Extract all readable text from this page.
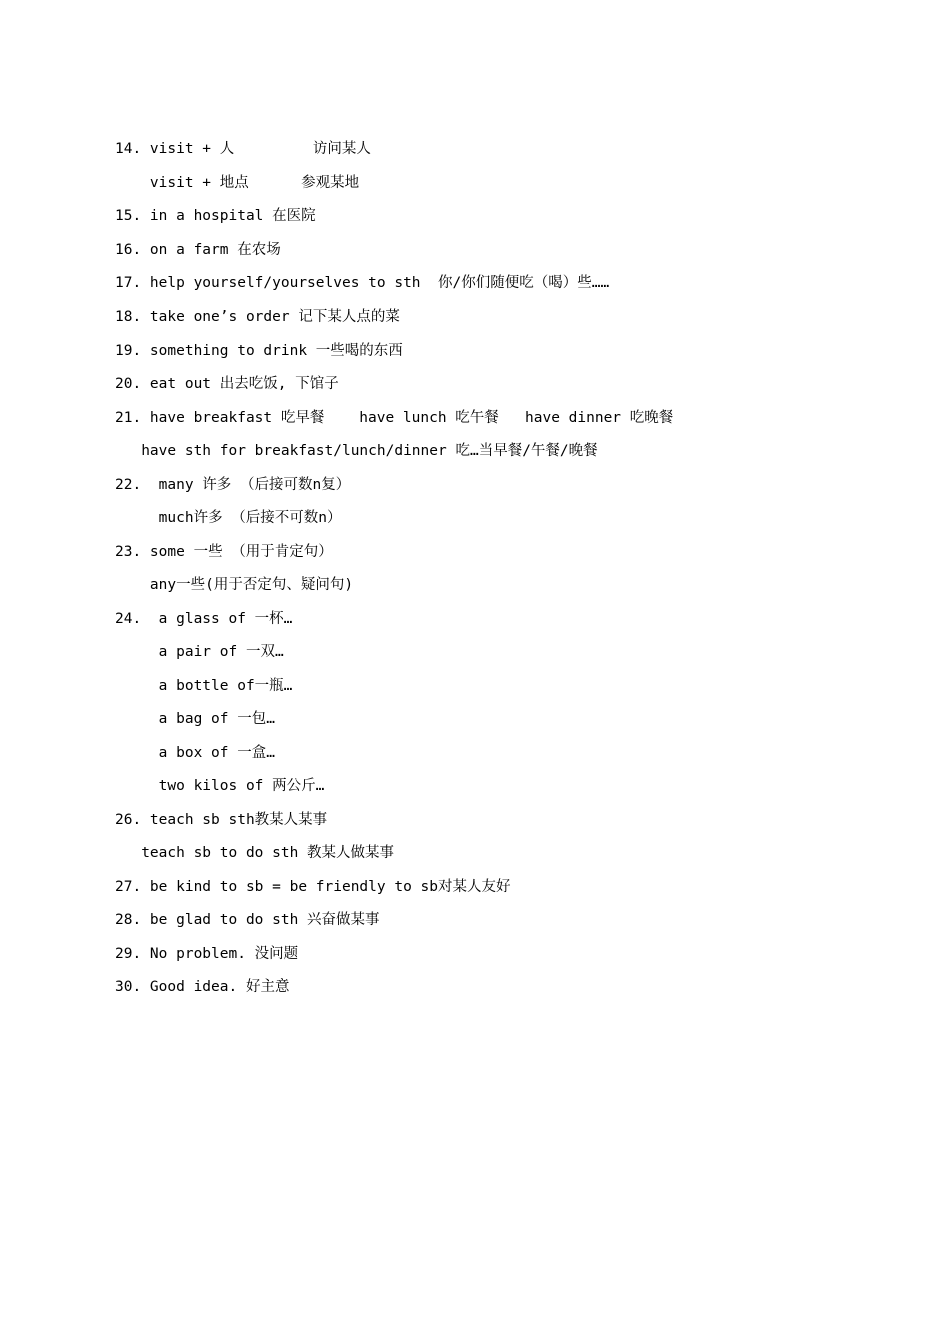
14. visit + 人         访问某人
visit + 地点      参观某地
15. in a hospital 在医院
16. on a farm 在农场
17. help yourself/yourselves to sth  你/你们随便吃（喝）些……
18. take one’s order 记下某人点的菜
19. something to drink 一些喝的东西
20. eat out 出去吃饭, 下馆子
21. have breakfast 吃早餐    have lunch 吃午餐   have dinner 吃晚餐
have sth for breakfast/lunch/dinner 吃…当早餐/午餐/晚餐
22.  many 许多 （后接可数n复）
much许多 （后接不可数n）
23. some 一些 （用于肯定句）
any一些(用于否定句、疑问句)
24.  a glass of 一杯…
a pair of 一双…
a bottle of一瓶…
a bag of 一包…
a box of 一盒…
two kilos of 两公斤…
26. teach sb sth教某人某事
teach sb to do sth 教某人做某事
27. be kind to sb = be friendly to sb对某人友好
28. be glad to do sth 兴奋做某事
29. No problem. 没问题
30. Good idea. 好主意
